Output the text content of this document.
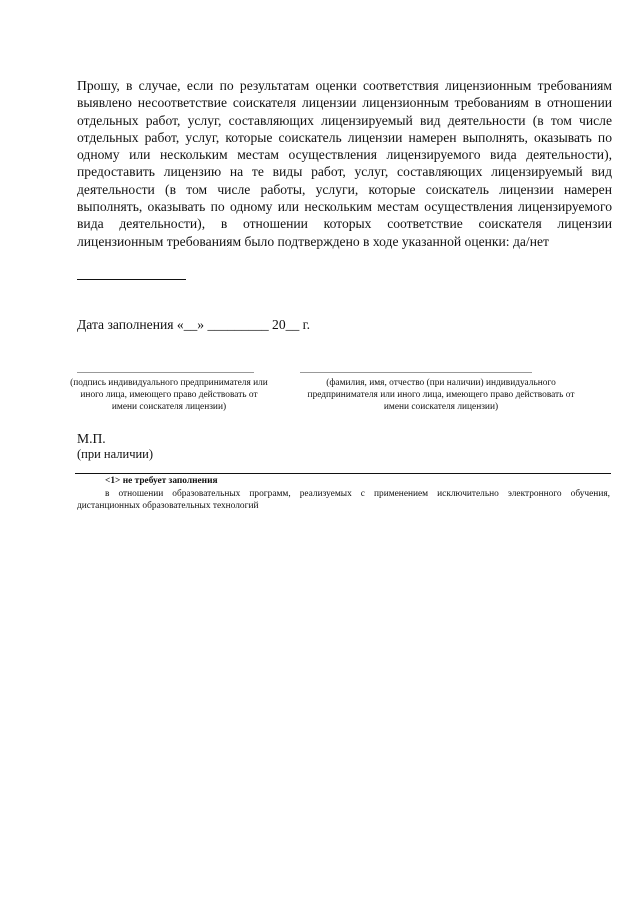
Прошу, в случае, если по результатам оценки соответствия лицензионным требованиям выявлено несоответствие соискателя лицензии лицензионным требованиям в отношении отдельных работ, услуг, составляющих лицензируемый вид деятельности (в том числе отдельных работ, услуг, которые соискатель лицензии намерен выполнять, оказывать по одному или нескольким местам осуществления лицензируемого вида деятельности), предоставить лицензию на те виды работ, услуг, составляющих лицензируемый вид деятельности (в том числе работы, услуги, которые соискатель лицензии намерен выполнять, оказывать по одному или нескольким местам осуществления лицензируемого вида деятельности), в отношении которых соответствие соискателя лицензии лицензионным требованиям было подтверждено в ходе указанной оценки: да/нет

Дата заполнения «__» _________ 20__ г.
(подпись индивидуального предпринимателя или иного лица, имеющего право действовать от имени соискателя лицензии)
(фамилия, имя, отчество (при наличии) индивидуального предпринимателя или иного лица, имеющего право действовать от имени соискателя лицензии)
М.П.
(при наличии)
<1> не требует заполнения

в отношении образовательных программ, реализуемых с применением исключительно электронного обучения, дистанционных образовательных технологий
